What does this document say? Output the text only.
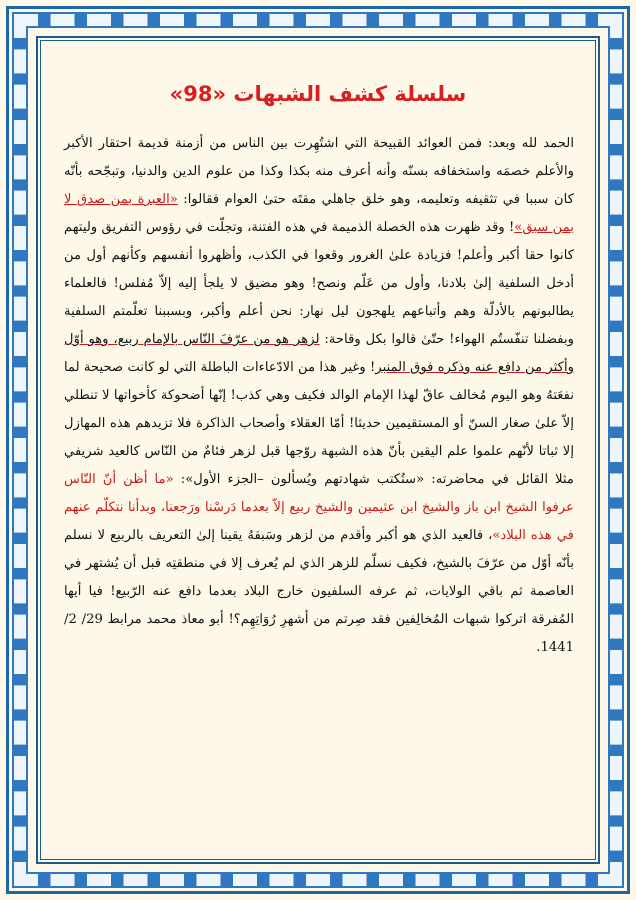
سلسلة كشف الشبهات «98»

الحمد لله وبعد: فمن العوائد القبيحة التي اشتُهِرت بين الناس من أزمنة قديمة احتقار الأكبر والأعلم خصمَه واستخفافه بسنّه وأنه أعرف منه بكذا وكذا من علوم الدين والدنيا، وتبجّحه بأنّه كان سببا في تثقيفه وتعليمه، وهو خلق جاهلي مقتَه حتىٰ العوام فقالوا: «العبرة بمن صدق لا بمن سبق»! وقد ظهرت هذه الخصلة الذميمة في هذه الفتنة، وتجلّت في رؤوس التفريق وليتهم كانوا حقا أكبر وأعلم! فزيادة علىٰ الغرور وقعوا في الكذب، وأظهروا أنفسهم وكأنهم أول من أدخل السلفية إلىٰ بلادنا، وأول من عَلّم ونصح! وهو مضيق لا يلجأ إليه إلاّ مُفلس! فالعلماء يطالبونهم بالأدلّة وهم وأتباعهم يلهجون ليل نهار: نحن أعلم وأكبر، وبسببنا تعلّمتم السلفية وبفضلنا تنفّستُم الهواء! حتّىٰ قالوا بكل وقاحة: لزهر هو من عرّفَ النّاس بالإمام ربيع، وهو أوّل وأكثر من دافع عنه وذكره فوق المنبر! وغير هذا من الادّعاءات الباطلة التي لو كانت صحيحة لما نفعَتهُ وهو اليوم مُخالف عاقّ لهذا الإمام الوالد فكيف وهي كذب! إنّها أضحوكة كأخواتها لا تنطلي إلاّ علىٰ صغار السنّ أو المستقيمين حديثا! أمّا العقلاء وأصحاب الذاكرة فلا تزيدهم هذه المهازل إلا ثباتا لأنّهم علموا علم اليقين بأنّ هذه الشبهة روّجها قبل لزهر فئامٌ من النّاس كالعيد شريفي مثلا القائل في محاضرته: «ستُكتب شهادتهم ويُسألون –الجزء الأول»: «ما أظن أنّ النّاس عرفوا الشيخ ابن باز والشيخ ابن عثيمين والشيخ ربيع إلاّ بعدما دَرسْنا ورَجعنا، وبدأنا نتكلّم عنهم في هذه البلاد»، فالعيد الذي هو أكبر وأقدم من لزهر وسَبقهُ يقينا إلىٰ التعريف بالربيع لا نسلم بأنّه أوّل من عرّفَ بالشيخ، فكيف نسلّم للزهر الذي لم يُعرف إلا في منطقتِه قبل أن يُشتهر في العاصمة ثم باقي الولايات، ثم عرفه السلفيون خارج البلاد بعدما دافع عنه الرّبيع! فيا أيها المُفرقة اتركوا شبهات المُخالِفين فقد صِرتم من أشهرِ رُوَاتِهِم؟! أبو معاذ محمد مرابط 29/ 2/ 1441.
